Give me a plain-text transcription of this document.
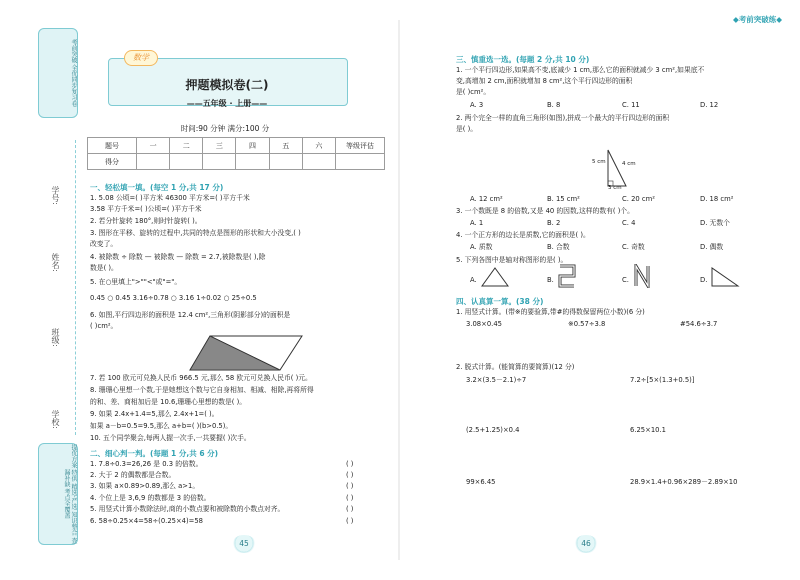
考前突破 全优同步复习卷
学号:
姓名:
班级:
学校:
提优方案 特供 精选·严选 知识整合 查漏补缺 考点全覆盖
数学
押题模拟卷(二)
——五年级 · 上册——
时间:90 分钟 满分:100 分
题号	一	二	三	四	五	六	等级评估
得分							
一、轻松填一填。(每空 1 分,共 17 分)
1. 5.08 公顷=( )平方米 46300 平方米=( )平方千米
3.58 平方千米=( )公顷=( )平方千米
2. 若分针旋转 180°,则时针旋转( )。
3. 图形在平移、旋转的过程中,共同的特点是图形的形状和大小没变,( )
改变了。
4. 被除数 ÷ 除数 — 被除数 — 除数 = 2.7,被除数是( ),除
数是( )。
5. 在○里填上">""<"或"="。
0.45 ○ 0.45 3.16÷0.78 ○ 3.16 1÷0.02 ○ 25÷0.5
6. 如图,平行四边形的面积是 12.4 cm²,三角形(阴影部分)的面积是
( )cm²。
7. 若 100 欧元可兑换人民币 966.5 元,那么 58 欧元可兑换人民币( )元。
8. 珊珊心里想一个数,于是她想这个数与它自身相加、相减、相除,再将所得
的和、差、商相加后是 10.6,珊珊心里想的数是( )。
9. 如果 2.4x+1.4=5,那么 2.4x+1=( )。
如果 a－b=0.5=9.5,那么 a+b=( )(b>0.5)。
10. 五个同学聚会,每两人握一次手,一共要握( )次手。
二、细心判一判。(每题 1 分,共 6 分)
1. 7.8÷0.3=26,26 是 0.3 的倍数。	( )
2. 大于 2 的偶数都是合数。	( )
3. 如果 a×0.89>0.89,那么 a>1。	( )
4. 个位上是 3,6,9 的数都是 3 的倍数。	( )
5. 用竖式计算小数除法时,商的小数点要和被除数的小数点对齐。	( )
6. 58÷0.25×4=58÷(0.25×4)=58	( )
45
◆考前突破练◆
三、慎重选一选。(每题 2 分,共 10 分)
1. 一个平行四边形,如果高不变,底减少 1 cm,那么它的面积就减少 3 cm²,如果底不
变,高增加 2 cm,面积就增加 8 cm²,这个平行四边形的面积
是( )cm²。
A. 3	B. 8	C. 11	D. 12
2. 两个完全一样的直角三角形(如图),拼成一个最大的平行四边形的面积
是( )。
5 cm	4 cm
3 cm
A. 12 cm²	B. 15 cm²	C. 20 cm²	D. 18 cm²
3. 一个数既是 8 的倍数,又是 40 的因数,这样的数有( )个。
A. 1	B. 2	C. 4	D. 无数个
4. 一个正方形的边长是质数,它的面积是( )。
A. 质数	B. 合数	C. 奇数	D. 偶数
5. 下列各图中是轴对称图形的是( )。
A.	B.	C.	D.
四、认真算一算。(38 分)
1. 用竖式计算。(带※的要验算,带#的得数保留两位小数)(6 分)
3.08×0.45	※0.57÷3.8	#54.6÷3.7
2. 脱式计算。(能简算的要简算)(12 分)
3.2×(3.5－2.1)÷7	7.2÷[5×(1.3+0.5)]
(2.5+1.25)×0.4	6.25×10.1
99×6.45	28.9×1.4+0.96×289－2.89×10
46
